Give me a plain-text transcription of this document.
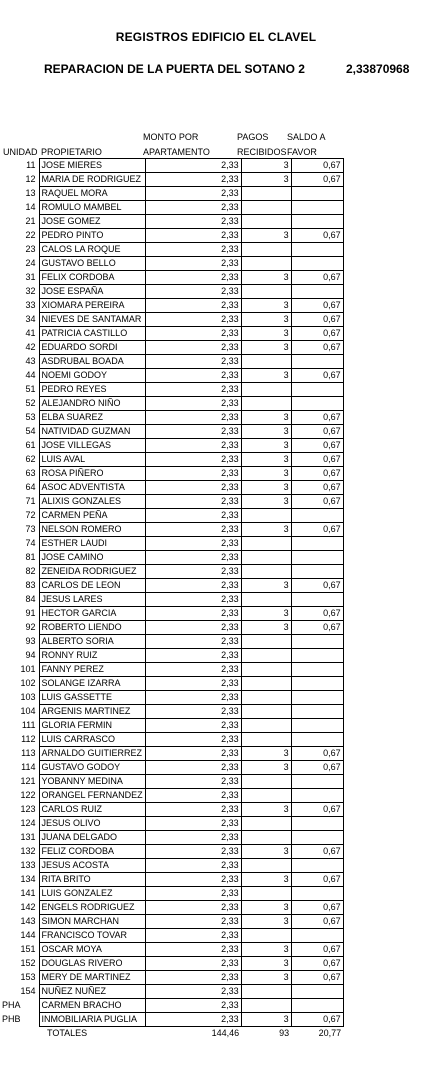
REGISTROS EDIFICIO EL CLAVEL
REPARACION DE LA PUERTA DEL SOTANO 2	2,33870968
MONTO POR
APARTAMENTO
PAGOS
RECIBIDOS
SALDO A
FAVOR
UNIDAD PROPIETARIO
11	JOSE MIERES	2,33	3	0,67
12	MARIA DE RODRIGUEZ	2,33	3	0,67
13	RAQUEL MORA	2,33		
14	ROMULO MAMBEL	2,33		
21	JOSE GOMEZ	2,33		
22	PEDRO PINTO	2,33	3	0,67
23	CALOS LA ROQUE	2,33		
24	GUSTAVO BELLO	2,33		
31	FELIX CORDOBA	2,33	3	0,67
32	JOSE ESPAÑA	2,33		
33	XIOMARA PEREIRA	2,33	3	0,67
34	NIEVES DE SANTAMAR	2,33	3	0,67
41	PATRICIA CASTILLO	2,33	3	0,67
42	EDUARDO SORDI	2,33	3	0,67
43	ASDRUBAL BOADA	2,33		
44	NOEMI GODOY	2,33	3	0,67
51	PEDRO REYES	2,33		
52	ALEJANDRO NIÑO	2,33		
53	ELBA SUAREZ	2,33	3	0,67
54	NATIVIDAD GUZMAN	2,33	3	0,67
61	JOSE VILLEGAS	2,33	3	0,67
62	LUIS AVAL	2,33	3	0,67
63	ROSA PIÑERO	2,33	3	0,67
64	ASOC ADVENTISTA	2,33	3	0,67
71	ALIXIS GONZALES	2,33	3	0,67
72	CARMEN PEÑA	2,33		
73	NELSON ROMERO	2,33	3	0,67
74	ESTHER LAUDI	2,33		
81	JOSE CAMINO	2,33		
82	ZENEIDA RODRIGUEZ	2,33		
83	CARLOS DE LEON	2,33	3	0,67
84	JESUS LARES	2,33		
91	HECTOR GARCIA	2,33	3	0,67
92	ROBERTO LIENDO	2,33	3	0,67
93	ALBERTO SORIA	2,33		
94	RONNY RUIZ	2,33		
101	FANNY PEREZ	2,33		
102	SOLANGE IZARRA	2,33		
103	LUIS GASSETTE	2,33		
104	ARGENIS MARTINEZ	2,33		
111	GLORIA FERMIN	2,33		
112	LUIS CARRASCO	2,33		
113	ARNALDO GUITIERREZ	2,33	3	0,67
114	GUSTAVO GODOY	2,33	3	0,67
121	YOBANNY MEDINA	2,33		
122	ORANGEL FERNANDEZ	2,33		
123	CARLOS RUIZ	2,33	3	0,67
124	JESUS OLIVO	2,33		
131	JUANA DELGADO	2,33		
132	FELIZ CORDOBA	2,33	3	0,67
133	JESUS ACOSTA	2,33		
134	RITA BRITO	2,33	3	0,67
141	LUIS GONZALEZ	2,33		
142	ENGELS RODRIGUEZ	2,33	3	0,67
143	SIMON MARCHAN	2,33	3	0,67
144	FRANCISCO TOVAR	2,33		
151	OSCAR MOYA	2,33	3	0,67
152	DOUGLAS RIVERO	2,33	3	0,67
153	MERY DE MARTINEZ	2,33	3	0,67
154	NUÑEZ NUÑEZ	2,33		
PHA	CARMEN BRACHO	2,33		
PHB	INMOBILIARIA PUGLIA	2,33	3	0,67
	TOTALES	144,46	93	20,77
